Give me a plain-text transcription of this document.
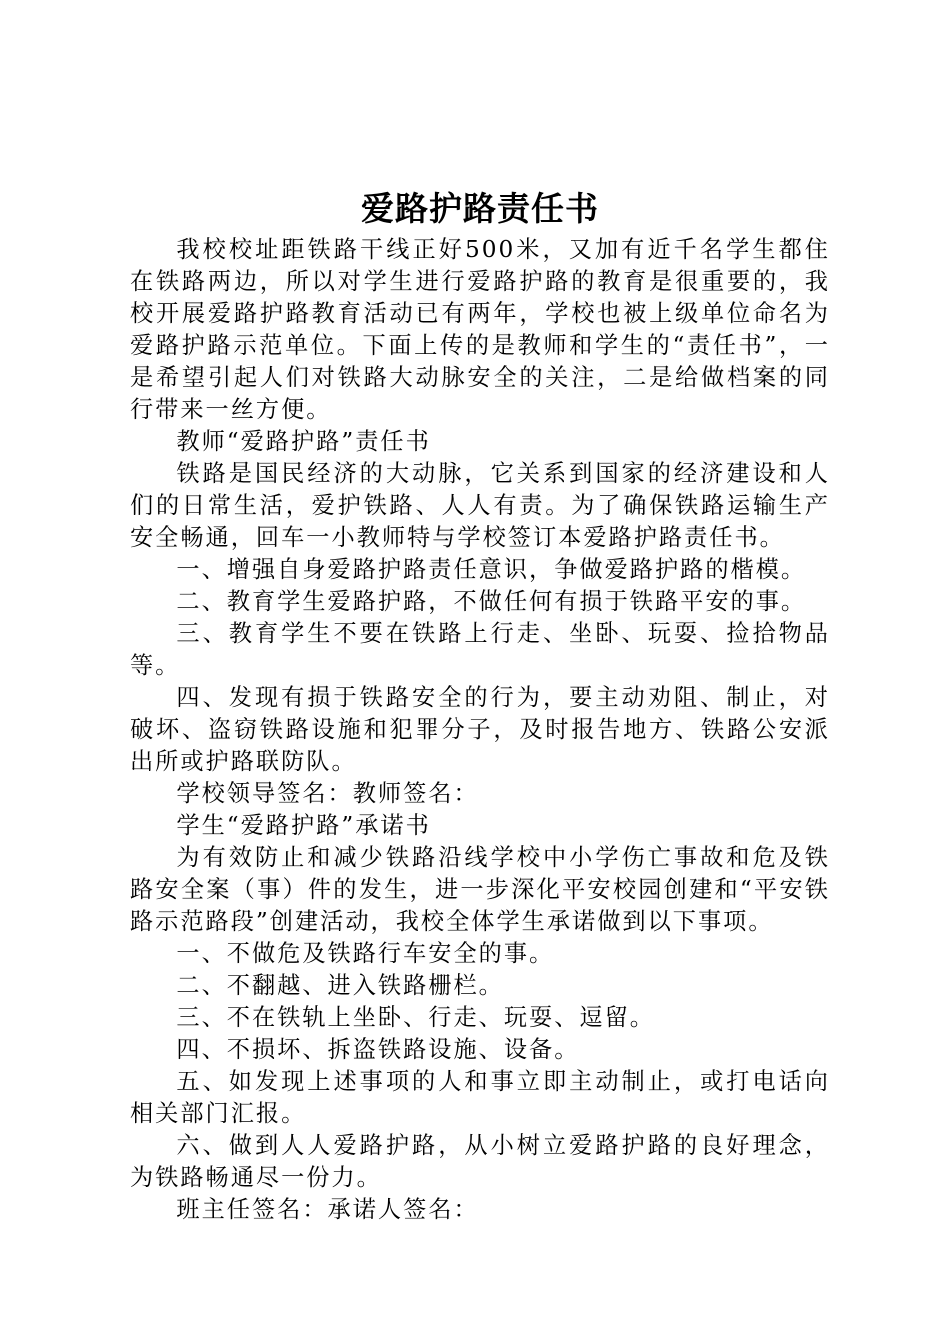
爱路护路责任书

我校校址距铁路干线正好500米，又加有近千名学生都住在铁路两边，所以对学生进行爱路护路的教育是很重要的，我校开展爱路护路教育活动已有两年，学校也被上级单位命名为爱路护路示范单位。下面上传的是教师和学生的“责任书”，一是希望引起人们对铁路大动脉安全的关注，二是给做档案的同行带来一丝方便。

教师“爱路护路”责任书

铁路是国民经济的大动脉，它关系到国家的经济建设和人们的日常生活，爱护铁路、人人有责。为了确保铁路运输生产安全畅通，回车一小教师特与学校签订本爱路护路责任书。

一、增强自身爱路护路责任意识，争做爱路护路的楷模。

二、教育学生爱路护路，不做任何有损于铁路平安的事。

三、教育学生不要在铁路上行走、坐卧、玩耍、捡拾物品等。

四、发现有损于铁路安全的行为，要主动劝阻、制止，对破坏、盗窃铁路设施和犯罪分子，及时报告地方、铁路公安派出所或护路联防队。

学校领导签名：教师签名：

学生“爱路护路”承诺书

为有效防止和减少铁路沿线学校中小学伤亡事故和危及铁路安全案（事）件的发生，进一步深化平安校园创建和“平安铁路示范路段”创建活动，我校全体学生承诺做到以下事项。

一、不做危及铁路行车安全的事。

二、不翻越、进入铁路栅栏。

三、不在铁轨上坐卧、行走、玩耍、逗留。

四、不损坏、拆盗铁路设施、设备。

五、如发现上述事项的人和事立即主动制止，或打电话向相关部门汇报。

六、做到人人爱路护路，从小树立爱路护路的良好理念，为铁路畅通尽一份力。

班主任签名：承诺人签名：
